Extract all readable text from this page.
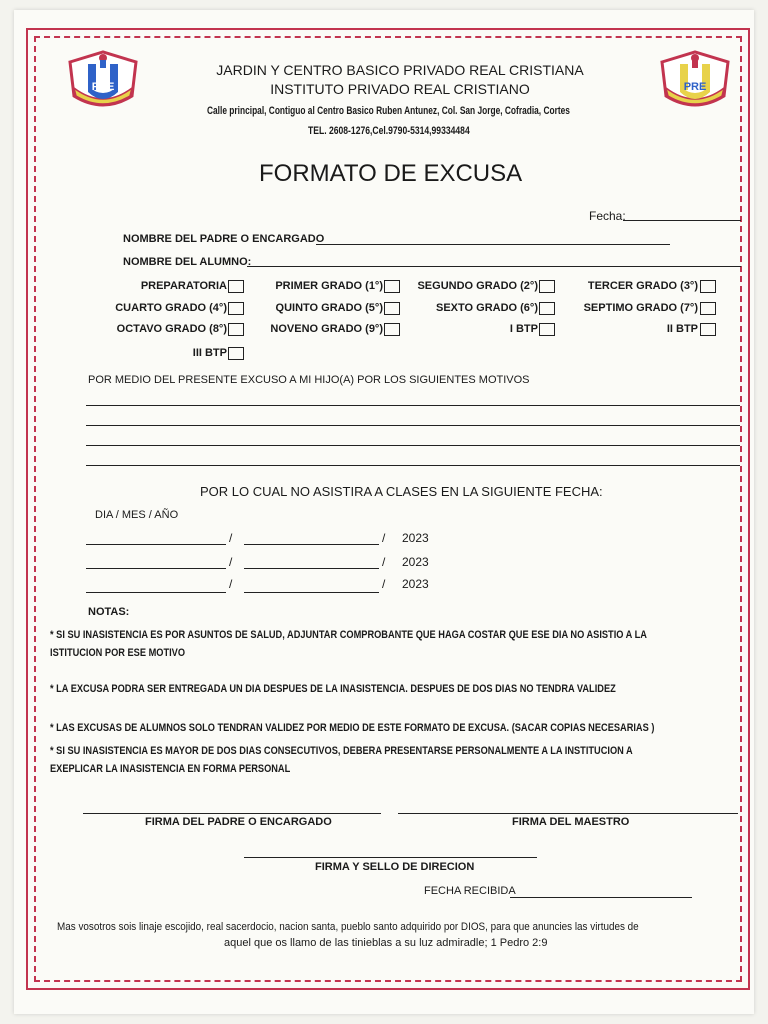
PRE	PRE
JARDIN Y CENTRO BASICO PRIVADO REAL CRISTIANA
INSTITUTO PRIVADO REAL CRISTIANO
Calle principal, Contiguo al Centro Basico Ruben Antunez, Col. San Jorge, Cofradia, Cortes
TEL. 2608-1276,Cel.9790-5314,99334484
FORMATO DE EXCUSA
Fecha:
NOMBRE DEL PADRE O ENCARGADO
NOMBRE DEL ALUMNO:
PREPARATORIA	PRIMER GRADO (1°)	SEGUNDO GRADO (2°)	TERCER GRADO (3°)
CUARTO GRADO (4°)	QUINTO GRADO (5°)	SEXTO GRADO (6°)	SEPTIMO GRADO (7°)
OCTAVO GRADO (8°)	NOVENO GRADO (9°)	I BTP	II BTP
III BTP
POR MEDIO DEL PRESENTE EXCUSO A MI HIJO(A) POR LOS SIGUIENTES MOTIVOS
POR LO CUAL NO ASISTIRA A CLASES EN LA SIGUIENTE FECHA:
DIA / MES / AÑO
/	/ 2023
/	/ 2023
/	/ 2023
NOTAS:
* SI SU INASISTENCIA ES POR ASUNTOS DE SALUD, ADJUNTAR COMPROBANTE QUE HAGA COSTAR QUE ESE DIA NO ASISTIO A LA
ISTITUCION POR ESE MOTIVO
* LA EXCUSA PODRA SER ENTREGADA UN DIA DESPUES DE LA INASISTENCIA. DESPUES DE DOS DIAS NO TENDRA VALIDEZ
* LAS EXCUSAS DE ALUMNOS SOLO TENDRAN VALIDEZ POR MEDIO DE ESTE FORMATO DE EXCUSA. (SACAR COPIAS NECESARIAS )
* SI SU INASISTENCIA ES MAYOR DE DOS DIAS CONSECUTIVOS, DEBERA PRESENTARSE PERSONALMENTE A LA INSTITUCION A
EXEPLICAR LA INASISTENCIA EN FORMA PERSONAL
FIRMA DEL PADRE O ENCARGADO	FIRMA DEL MAESTRO
FIRMA Y SELLO DE DIRECION
FECHA RECIBIDA
Mas vosotros sois linaje escojido, real sacerdocio, nacion santa, pueblo santo adquirido por DIOS, para que anuncies las virtudes de
aquel que os llamo de las tinieblas a su luz admiradle; 1 Pedro 2:9
